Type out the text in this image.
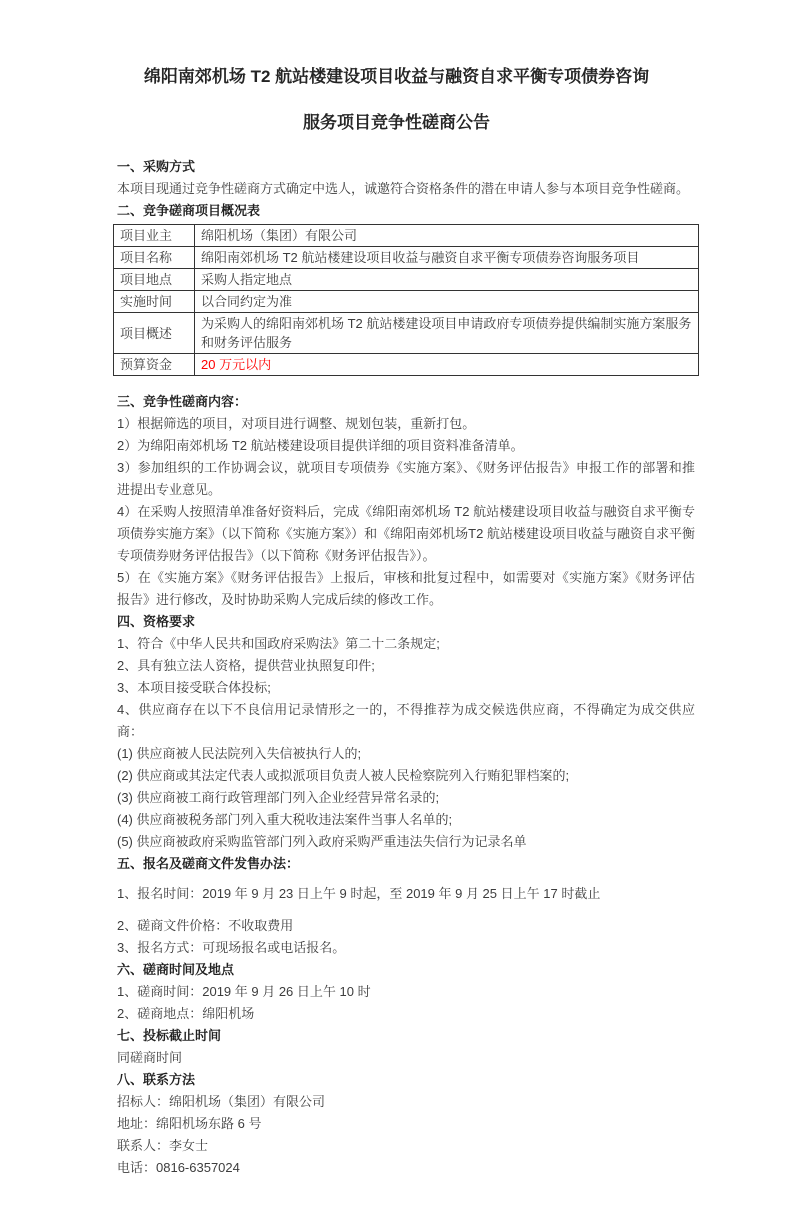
绵阳南郊机场 T2 航站楼建设项目收益与融资自求平衡专项债券咨询
服务项目竞争性磋商公告

一、采购方式

本项目现通过竞争性磋商方式确定中选人，诚邀符合资格条件的潜在申请人参与本项目竞争性磋商。

二、竞争磋商项目概况表

项目业主	绵阳机场（集团）有限公司
项目名称	绵阳南郊机场 T2 航站楼建设项目收益与融资自求平衡专项债券咨询服务项目
项目地点	采购人指定地点
实施时间	以合同约定为准
项目概述	为采购人的绵阳南郊机场 T2 航站楼建设项目申请政府专项债券提供编制实施方案服务和财务评估服务
预算资金	20 万元以内

三、竞争性磋商内容：

1）根据筛选的项目，对项目进行调整、规划包装，重新打包。

2）为绵阳南郊机场 T2 航站楼建设项目提供详细的项目资料准备清单。

3）参加组织的工作协调会议，就项目专项债券《实施方案》、《财务评估报告》申报工作的部署和推进提出专业意见。

4）在采购人按照清单准备好资料后，完成《绵阳南郊机场 T2 航站楼建设项目收益与融资自求平衡专项债券实施方案》（以下简称《实施方案》）和《绵阳南郊机场T2 航站楼建设项目收益与融资自求平衡专项债券财务评估报告》（以下简称《财务评估报告》）。

5）在《实施方案》《财务评估报告》上报后，审核和批复过程中，如需要对《实施方案》《财务评估报告》进行修改，及时协助采购人完成后续的修改工作。

四、资格要求

1、符合《中华人民共和国政府采购法》第二十二条规定;

2、具有独立法人资格，提供营业执照复印件;

3、本项目接受联合体投标;

4、供应商存在以下不良信用记录情形之一的，不得推荐为成交候选供应商，不得确定为成交供应商：

(1) 供应商被人民法院列入失信被执行人的;

(2) 供应商或其法定代表人或拟派项目负责人被人民检察院列入行贿犯罪档案的;

(3) 供应商被工商行政管理部门列入企业经营异常名录的;

(4) 供应商被税务部门列入重大税收违法案件当事人名单的;

(5) 供应商被政府采购监管部门列入政府采购严重违法失信行为记录名单

五、报名及磋商文件发售办法：

1、报名时间：2019 年 9 月 23 日上午 9 时起，至 2019 年 9 月 25 日上午 17 时截止

2、磋商文件价格：不收取费用

3、报名方式：可现场报名或电话报名。

六、磋商时间及地点

1、磋商时间：2019 年 9 月 26 日上午 10 时

2、磋商地点：绵阳机场

七、投标截止时间

同磋商时间

八、联系方法

招标人：绵阳机场（集团）有限公司

地址：绵阳机场东路 6 号

联系人：李女士

电话：0816-6357024
